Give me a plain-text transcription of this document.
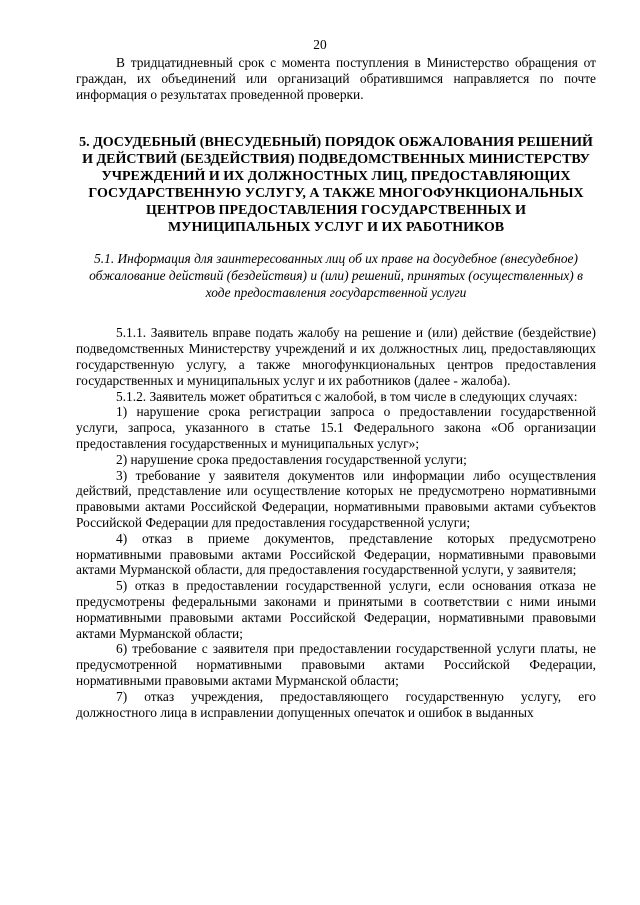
20

В тридцатидневный срок с момента поступления в Министерство обращения от граждан, их объединений или организаций обратившимся направляется по почте информация о результатах проведенной проверки.

5. ДОСУДЕБНЫЙ (ВНЕСУДЕБНЫЙ) ПОРЯДОК ОБЖАЛОВАНИЯ РЕШЕНИЙ И ДЕЙСТВИЙ (БЕЗДЕЙСТВИЯ) ПОДВЕДОМСТВЕННЫХ МИНИСТЕРСТВУ УЧРЕЖДЕНИЙ И ИХ ДОЛЖНОСТНЫХ ЛИЦ, ПРЕДОСТАВЛЯЮЩИХ ГОСУДАРСТВЕННУЮ УСЛУГУ, А ТАКЖЕ МНОГОФУНКЦИОНАЛЬНЫХ ЦЕНТРОВ ПРЕДОСТАВЛЕНИЯ ГОСУДАРСТВЕННЫХ И МУНИЦИПАЛЬНЫХ УСЛУГ И ИХ РАБОТНИКОВ
5.1. Информация для заинтересованных лиц об их праве на досудебное (внесудебное) обжалование действий (бездействия) и (или) решений, принятых (осуществленных) в ходе предоставления государственной услуги

5.1.1. Заявитель вправе подать жалобу на решение и (или) действие (бездействие) подведомственных Министерству учреждений и их должностных лиц, предоставляющих государственную услугу, а также многофункциональных центров предоставления государственных и муниципальных услуг и их работников (далее - жалоба).

5.1.2. Заявитель может обратиться с жалобой, в том числе в следующих случаях:

1) нарушение срока регистрации запроса о предоставлении государственной услуги, запроса, указанного в статье 15.1 Федерального закона «Об организации предоставления государственных и муниципальных услуг»;

2) нарушение срока предоставления государственной услуги;

3) требование у заявителя документов или информации либо осуществления действий, представление или осуществление которых не предусмотрено нормативными правовыми актами Российской Федерации, нормативными правовыми актами субъектов Российской Федерации для предоставления государственной услуги;

4) отказ в приеме документов, представление которых предусмотрено нормативными правовыми актами Российской Федерации, нормативными правовыми актами Мурманской области, для предоставления государственной услуги, у заявителя;

5) отказ в предоставлении государственной услуги, если основания отказа не предусмотрены федеральными законами и принятыми в соответствии с ними иными нормативными правовыми актами Российской Федерации, нормативными правовыми актами Мурманской области;

6) требование с заявителя при предоставлении государственной услуги платы, не предусмотренной нормативными правовыми актами Российской Федерации, нормативными правовыми актами Мурманской области;

7) отказ учреждения, предоставляющего государственную услугу, его должностного лица в исправлении допущенных опечаток и ошибок в выданных
